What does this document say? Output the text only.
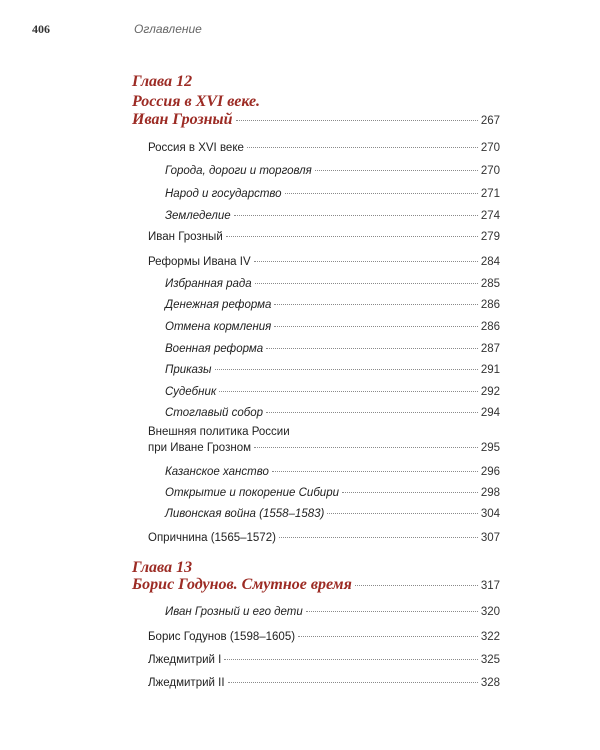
406	Оглавление
Глава 12
Россия в XVI веке.
Иван Грозный	267
Россия в XVI веке	270
Города, дороги и торговля	270
Народ и государство	271
Земледелие	274
Иван Грозный	279
Реформы Ивана IV	284
Избранная рада	285
Денежная реформа	286
Отмена кормления	286
Военная реформа	287
Приказы	291
Судебник	292
Стоглавый собор	294
Внешняя политика России
при Иване Грозном	295
Казанское ханство	296
Открытие и покорение Сибири	298
Ливонская война (1558–1583)	304
Опричнина (1565–1572)	307
Глава 13
Борис Годунов. Смутное время	317
Иван Грозный и его дети	320
Борис Годунов (1598–1605)	322
Лжедмитрий I	325
Лжедмитрий II	328
